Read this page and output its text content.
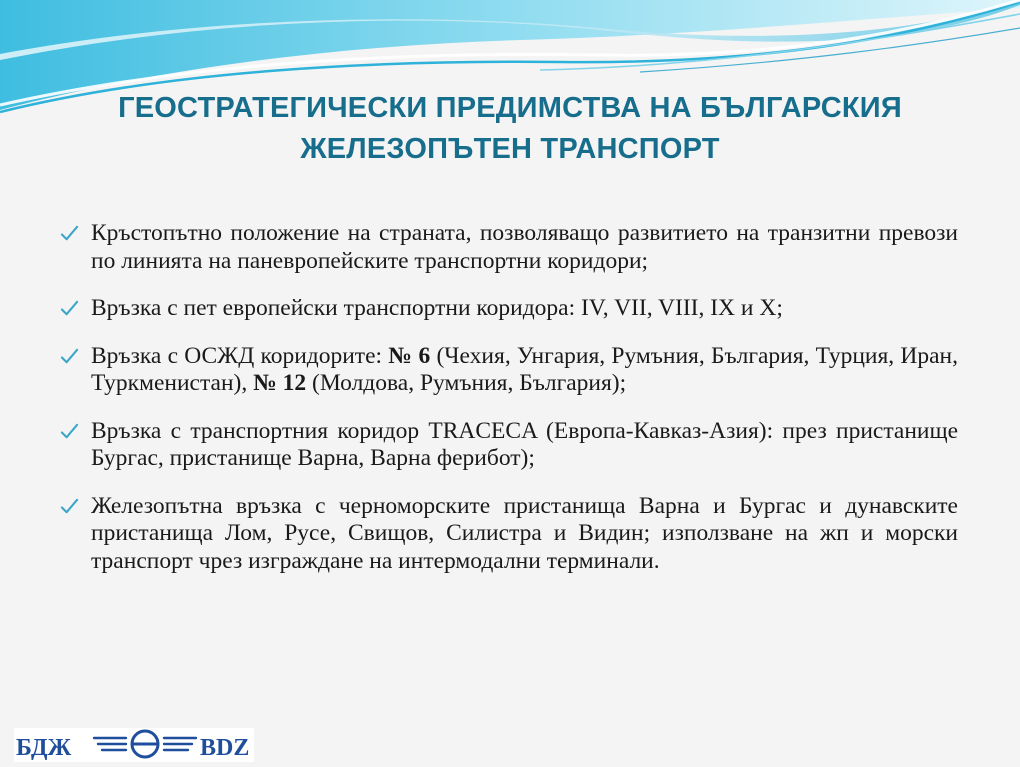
ГЕОСТРАТЕГИЧЕСКИ ПРЕДИМСТВА НА БЪЛГАРСКИЯ
ЖЕЛЕЗОПЪТЕН ТРАНСПОРТ
Кръстопътно положение на страната, позволяващо развитието на транзитни превози по линията на паневропейските транспортни коридори;
Връзка с пет европейски транспортни коридора: IV, VII, VIII, IX и X;
Връзка с ОСЖД коридорите: № 6 (Чехия, Унгария, Румъния, България, Турция, Иран, Туркменистан), № 12 (Молдова, Румъния, България);
Връзка с транспортния коридор TRACECA (Европа-Кавказ-Азия): през пристанище Бургас, пристанище Варна, Варна ферибот);
Железопътна връзка с черноморските пристанища Варна и Бургас и дунавските пристанища Лом, Русе, Свищов, Силистра и Видин; използване на жп и морски транспорт чрез изграждане на интермодални терминали.
БДЖ	BDZ
